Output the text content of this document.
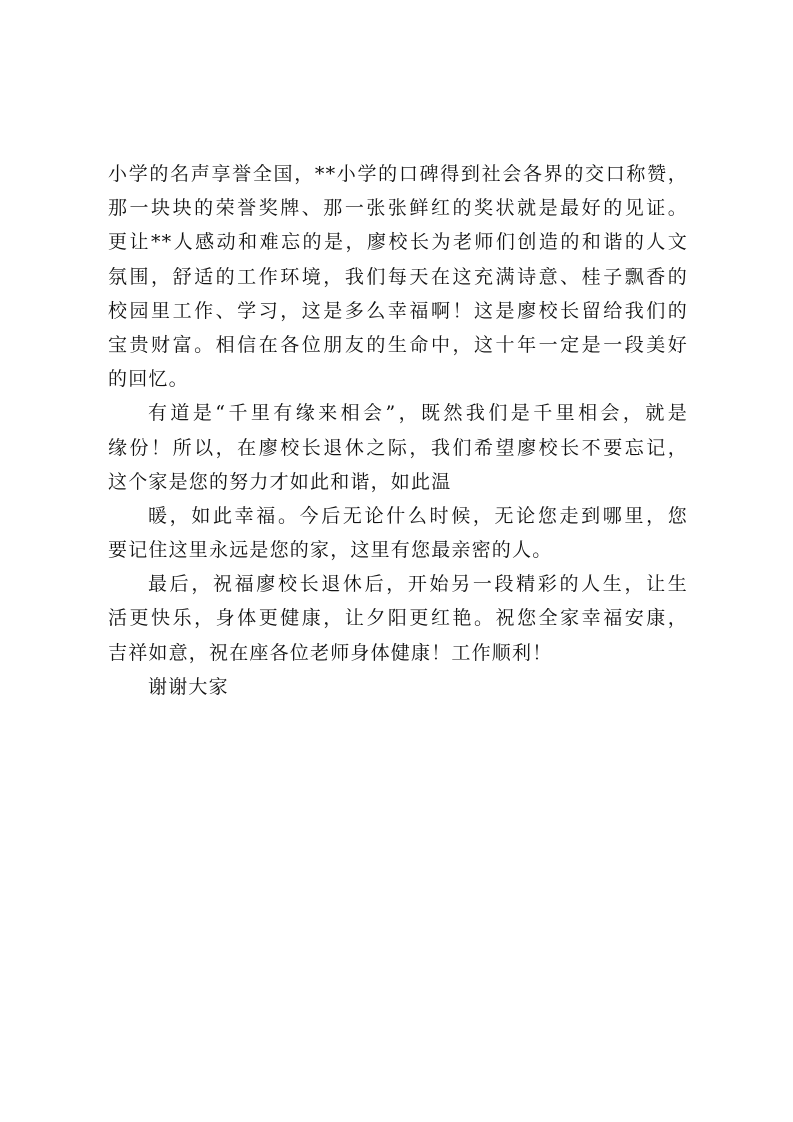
小学的名声享誉全国，**小学的口碑得到社会各界的交口称赞，
那一块块的荣誉奖牌、那一张张鲜红的奖状就是最好的见证。
更让**人感动和难忘的是，廖校长为老师们创造的和谐的人文
氛围，舒适的工作环境，我们每天在这充满诗意、桂子飘香的
校园里工作、学习，这是多么幸福啊！这是廖校长留给我们的
宝贵财富。相信在各位朋友的生命中，这十年一定是一段美好
的回忆。
有道是“千里有缘来相会”，既然我们是千里相会，就是
缘份！所以，在廖校长退休之际，我们希望廖校长不要忘记，
这个家是您的努力才如此和谐，如此温
暖，如此幸福。今后无论什么时候，无论您走到哪里，您
要记住这里永远是您的家，这里有您最亲密的人。
最后，祝福廖校长退休后，开始另一段精彩的人生，让生
活更快乐，身体更健康，让夕阳更红艳。祝您全家幸福安康，
吉祥如意，祝在座各位老师身体健康！工作顺利！
谢谢大家
